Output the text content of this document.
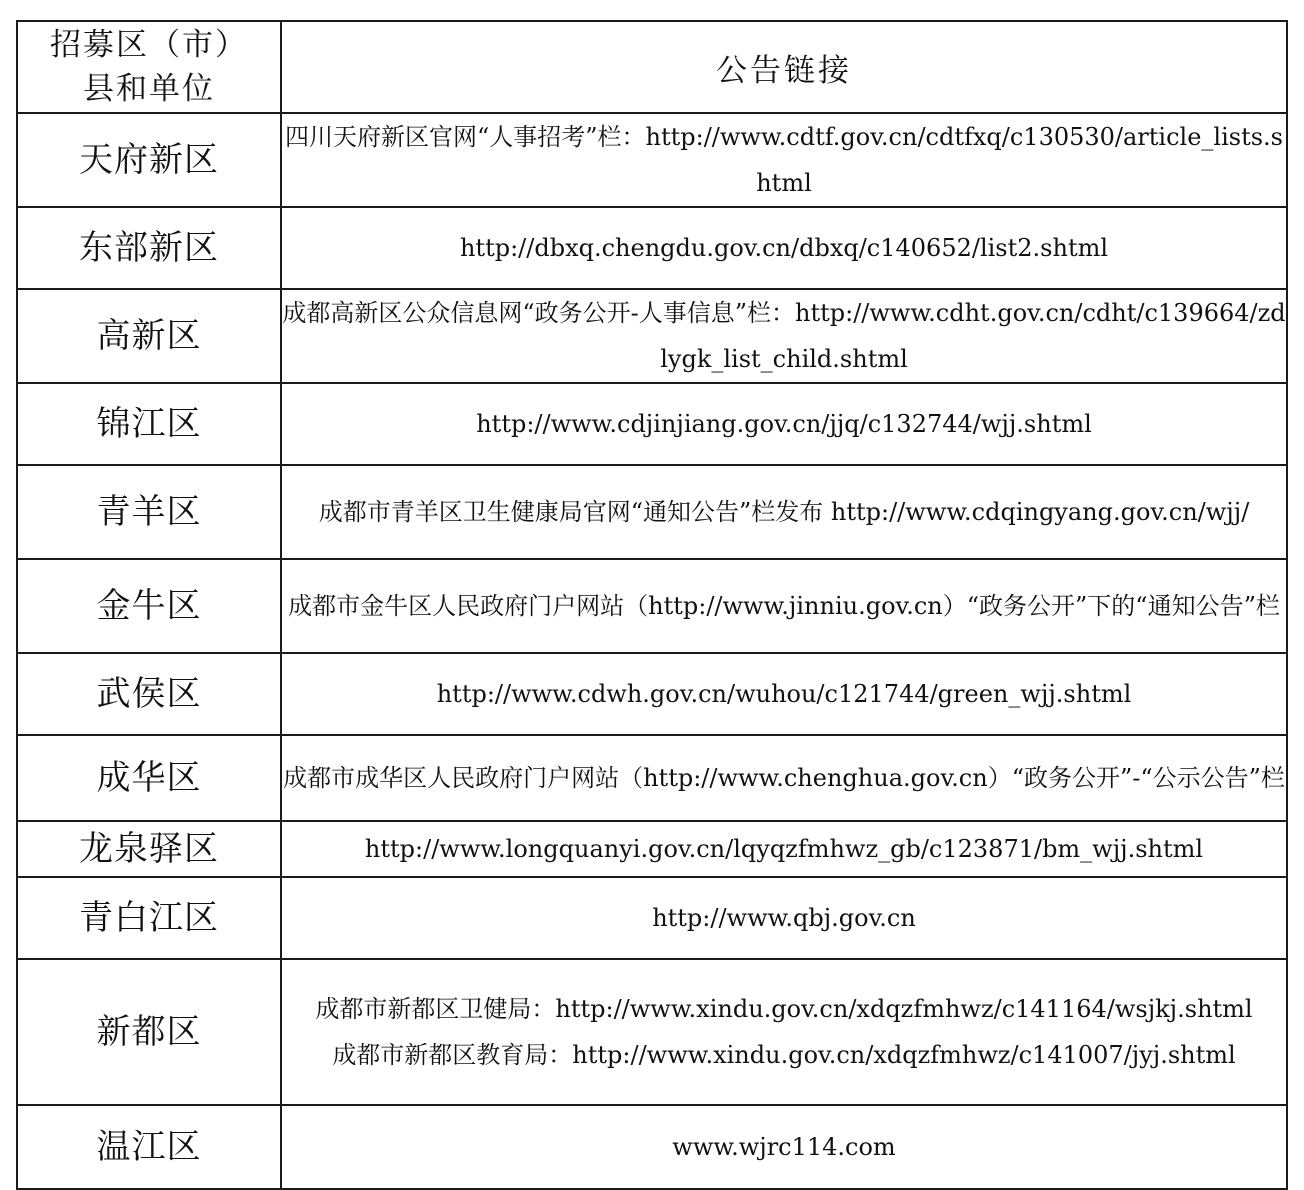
招募区（市）
县和单位	公告链接
天府新区	四川天府新区官网“人事招考”栏：http://www.cdtf.gov.cn/cdtfxq/c130530/article_lists.shtml
东部新区	http://dbxq.chengdu.gov.cn/dbxq/c140652/list2.shtml
高新区	成都高新区公众信息网“政务公开-人事信息”栏：http://www.cdht.gov.cn/cdht/c139664/zdlygk_list_child.shtml
锦江区	http://www.cdjinjiang.gov.cn/jjq/c132744/wjj.shtml
青羊区	成都市青羊区卫生健康局官网“通知公告”栏发布 http://www.cdqingyang.gov.cn/wjj/
金牛区	成都市金牛区人民政府门户网站（http://www.jinniu.gov.cn）“政务公开”下的“通知公告”栏
武侯区	http://www.cdwh.gov.cn/wuhou/c121744/green_wjj.shtml
成华区	成都市成华区人民政府门户网站（http://www.chenghua.gov.cn）“政务公开”-“公示公告”栏
龙泉驿区	http://www.longquanyi.gov.cn/lqyqzfmhwz_gb/c123871/bm_wjj.shtml
青白江区	http://www.qbj.gov.cn
新都区	成都市新都区卫健局：http://www.xindu.gov.cn/xdqzfmhwz/c141164/wsjkj.shtml
成都市新都区教育局：http://www.xindu.gov.cn/xdqzfmhwz/c141007/jyj.shtml

温江区	www.wjrc114.com
